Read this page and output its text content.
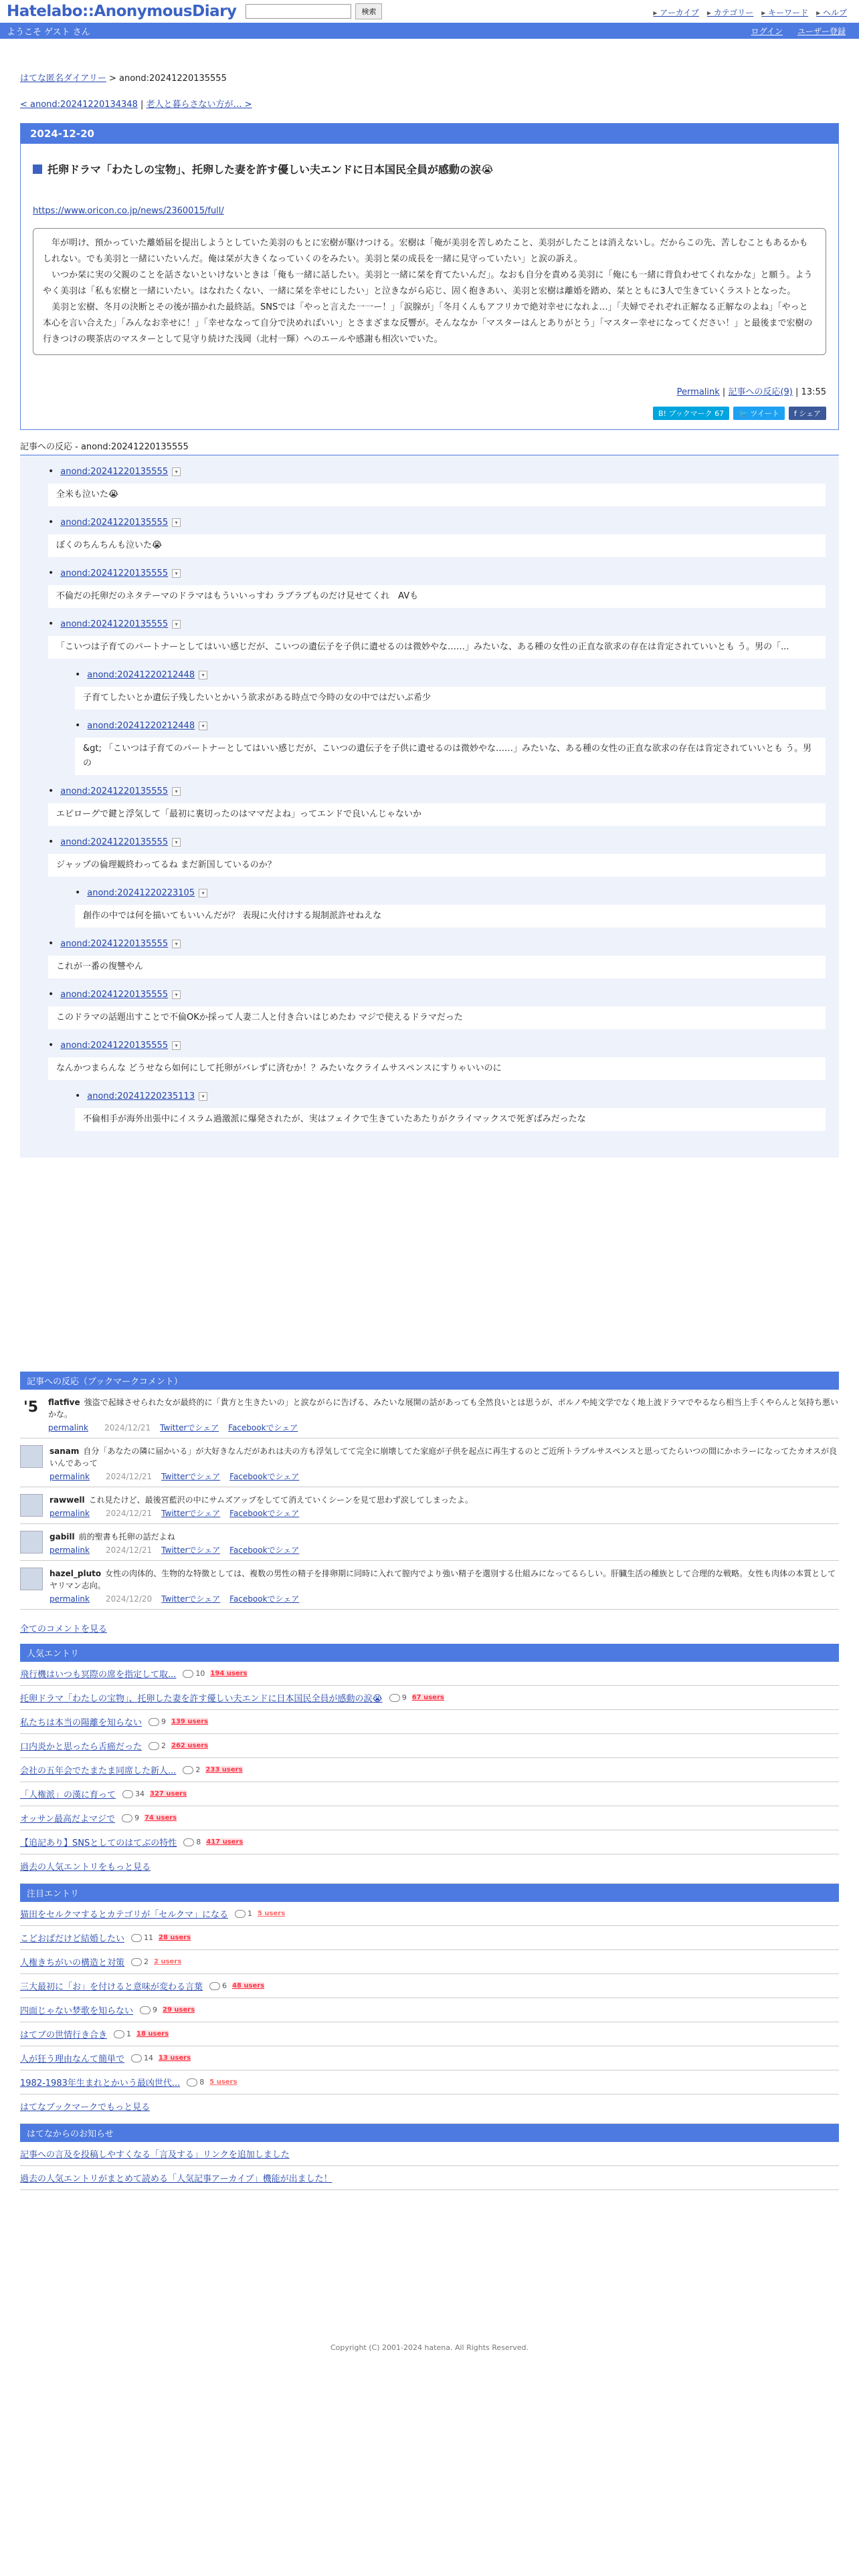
Hatelabo::AnonymousDiary	検索	▸ アーカイブ	▸ カテゴリー	▸ キーワード	▸ ヘルプ
ようこそ ゲスト さん	ログイン ユーザー登録
はてな匿名ダイアリー > anond:20241220135555
< anond:20241220134348 | 老人と暮らさない方が… >
2024-12-20
托卵ドラマ「わたしの宝物」、托卵した妻を許す優しい夫エンドに日本国民全員が感動の涙😭
https://www.oricon.co.jp/news/2360015/full/
　年が明け、預かっていた離婚届を提出しようとしていた美羽のもとに宏樹が駆けつける。宏樹は「俺が美羽を苦しめたこと、美羽がしたことは消えないし。だからこの先、苦しむこともあるかもしれない。でも美羽と一緒にいたいんだ。俺は栞が大きくなっていくのをみたい。美羽と栞の成長を一緒に見守っていたい」と涙の訴え。
　いつか栞に実の父親のことを話さないといけないときは「俺も一緒に話したい。美羽と一緒に栞を育てたいんだ」。なおも自分を責める美羽に「俺にも一緒に背負わせてくれなかな」と願う。ようやく美羽は「私も宏樹と一緒にいたい。はなれたくない、一緒に栞を幸せにしたい」と泣きながら応じ、固く抱きあい、美羽と宏樹は離婚を踏め、栞とともに3人で生きていくラストとなった。
　美羽と宏樹、冬月の決断とその後が描かれた最終話。SNSでは「やっと言えた一一ー！」「涙腺が」「冬月くんもアフリカで絶対幸せになれよ…」「夫婦でそれぞれ正解なる正解なのよね」「やっと本心を言い合えた」「みんなお幸せに！」「幸せななって自分で決めればいい」とさまざまな反響が。そんななか「マスターはんとありがとう」「マスター幸せになってください！」と最後まで宏樹の行きつけの喫茶店のマスターとして見守り続けた浅岡（北村一輝）へのエールや感謝も相次いでいた。
Permalink | 記事への反応(9) | 13:55
B! ブックマーク 67	🐦 ツイート	f シェア
記事への反応 - anond:20241220135555
• anond:20241220135555	▾
全米も泣いた😭
• anond:20241220135555	▾
ぼくのちんちんも泣いた😭
• anond:20241220135555	▾
不倫だの托卵だのネタテーマのドラマはもういいっすわ ラブラブものだけ見せてくれ　AVも
• anond:20241220135555	▾
「こいつは子育てのパートナーとしてはいい感じだが、こいつの遺伝子を子供に遺せるのは微妙やな……」みたいな、ある種の女性の正直な欲求の存在は肯定されていいとも う。男の「...
• anond:20241220212448	▾
子育てしたいとか遺伝子残したいとかいう欲求がある時点で今時の女の中ではだいぶ希少
• anond:20241220212448	▾
&gt; 「こいつは子育てのパートナーとしてはいい感じだが、こいつの遺伝子を子供に遺せるのは微妙やな……」みたいな、ある種の女性の正直な欲求の存在は肯定されていいとも う。男の
• anond:20241220135555	▾
エピローグで鍵と浮気して「最初に裏切ったのはママだよね」ってエンドで良いんじゃないか
• anond:20241220135555	▾
ジャップの倫理観終わってるね まだ新国しているのか？
• anond:20241220223105	▾
創作の中では何を描いてもいいんだが？ 表現に火付けする規制派許せねえな
• anond:20241220135555	▾
これが一番の復讐やん
• anond:20241220135555	▾
このドラマの話題出すことで不倫OKか採って人妻二人と付き合いはじめたわ マジで使えるドラマだった
• anond:20241220135555	▾
なんかつまらんな どうせなら如何にして托卵がバレずに済むか！？みたいなクライムサスペンスにすりゃいいのに
• anond:20241220235113	▾
不倫相手が海外出張中にイスラム過激派に爆発されたが、実はフェイクで生きていたあたりがクライマックスで死ぎばみだったな
記事への反応（ブックマークコメント）
'5	flatfive 強盗で起縁させられた女が最終的に「貴方と生きたいの」と涙ながらに告げる、みたいな展開の話があっても全然良いとは思うが、ポルノや純文学でなく地上波ドラマでやるなら相当上手くやらんと気持ち悪いかな。
permalink 2024/12/21 Twitterでシェア Facebookでシェア
sanam 自分「あなたの隣に届かいる」が大好きなんだがあれは夫の方も浮気してて完全に崩壊してた家庭が子供を起点に再生するのとご近所トラブルサスペンスと思ってたらいつの間にかホラーになってたカオスが良いんであって
permalink 2024/12/21 Twitterでシェア Facebookでシェア
rawwell これ見たけど、最後宮藍沢の中にサムズアップをしてて消えていくシーンを見て思わず涙してしまったよ。
permalink 2024/12/21 Twitterでシェア Facebookでシェア
gabill 前的聖書も托卵の話だよね
permalink 2024/12/21 Twitterでシェア Facebookでシェア
hazel_pluto 女性の肉体的、生物的な特徴としては、複数の男性の精子を排卵期に同時に入れて膣内でより強い精子を選別する仕組みになってるらしい。肝臓生活の種族として合理的な戦略。女性も肉体の本質としてヤリマン志向。
permalink 2024/12/20 Twitterでシェア Facebookでシェア
全てのコメントを見る
人気エントリ
飛行機はいつも冥際の席を指定して取...	10 194 users
托卵ドラマ「わたしの宝物」、托卵した妻を許す優しい夫エンドに日本国民全員が感動の涙😭	9 67 users
私たちは本当の陽離を知らない	9 139 users
口内炎かと思ったら舌癌だった	2 262 users
会社の五年会でたまたま同席した新人...	2 233 users
「人権派」の漢に育って	34 327 users
オッサン最高だよマジで	9 74 users
【追記あり】SNSとしてのはてぶの特性	8 417 users
過去の人気エントリをもっと見る
注目エントリ
猫田をセルクマするとカテゴリが「セルクマ」になる	1 5 users
こどおばだけど結婚したい	11 28 users
人権きちがいの構造と対策	2 2 users
三大最初に「お」を付けると意味が変わる言葉	6 48 users
四面じゃない梦歌を知らない	9 29 users
はてブの世情行き合き	1 18 users
人が狂う理由なんて簡単で	14 13 users
1982-1983年生まれとかいう最凶世代...	8 5 users
はてなブックマークでもっと見る
はてなからのお知らせ
記事への言及を投稿しやすくなる「言及する」リンクを追加しました
過去の人気エントリがまとめて読める「人気記事アーカイブ」機能が出ました！
Copyright (C) 2001-2024 hatena. All Rights Reserved.
